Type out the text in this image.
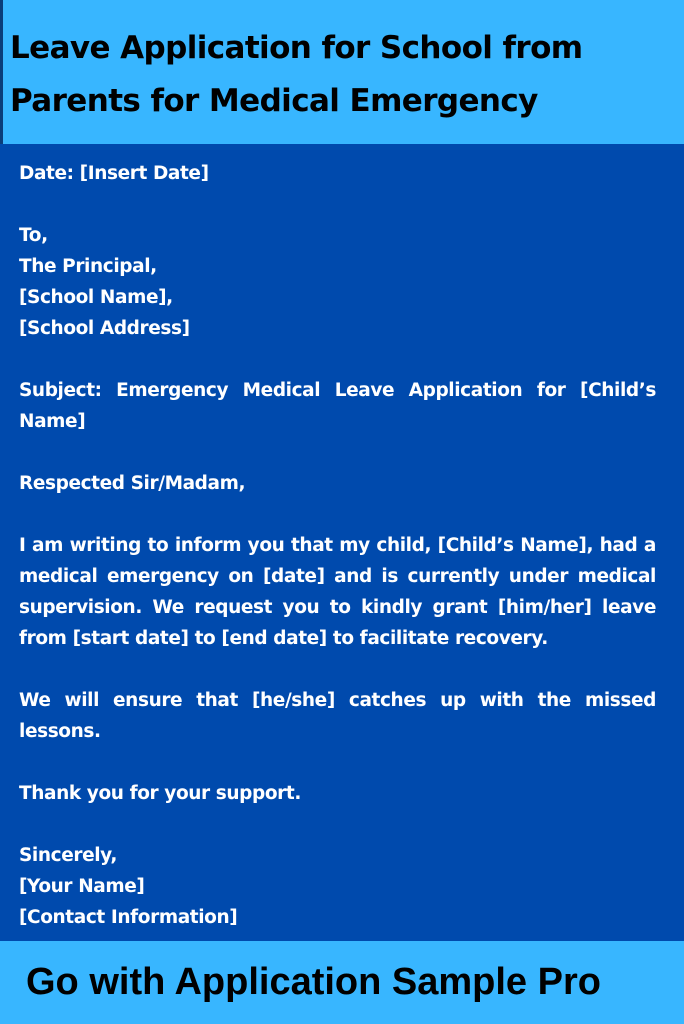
Leave Application for School from Parents for Medical Emergency

Date: [Insert Date]

To,
The Principal,
[School Name],
[School Address]

Subject: Emergency Medical Leave Application for [Child’s Name]

Respected Sir/Madam,

I am writing to inform you that my child, [Child’s Name], had a medical emergency on [date] and is currently under medical supervision. We request you to kindly grant [him/her] leave from [start date] to [end date] to facilitate recovery.

We will ensure that [he/she] catches up with the missed lessons.

Thank you for your support.

Sincerely,
[Your Name]
[Contact Information]

Go with Application Sample Pro
